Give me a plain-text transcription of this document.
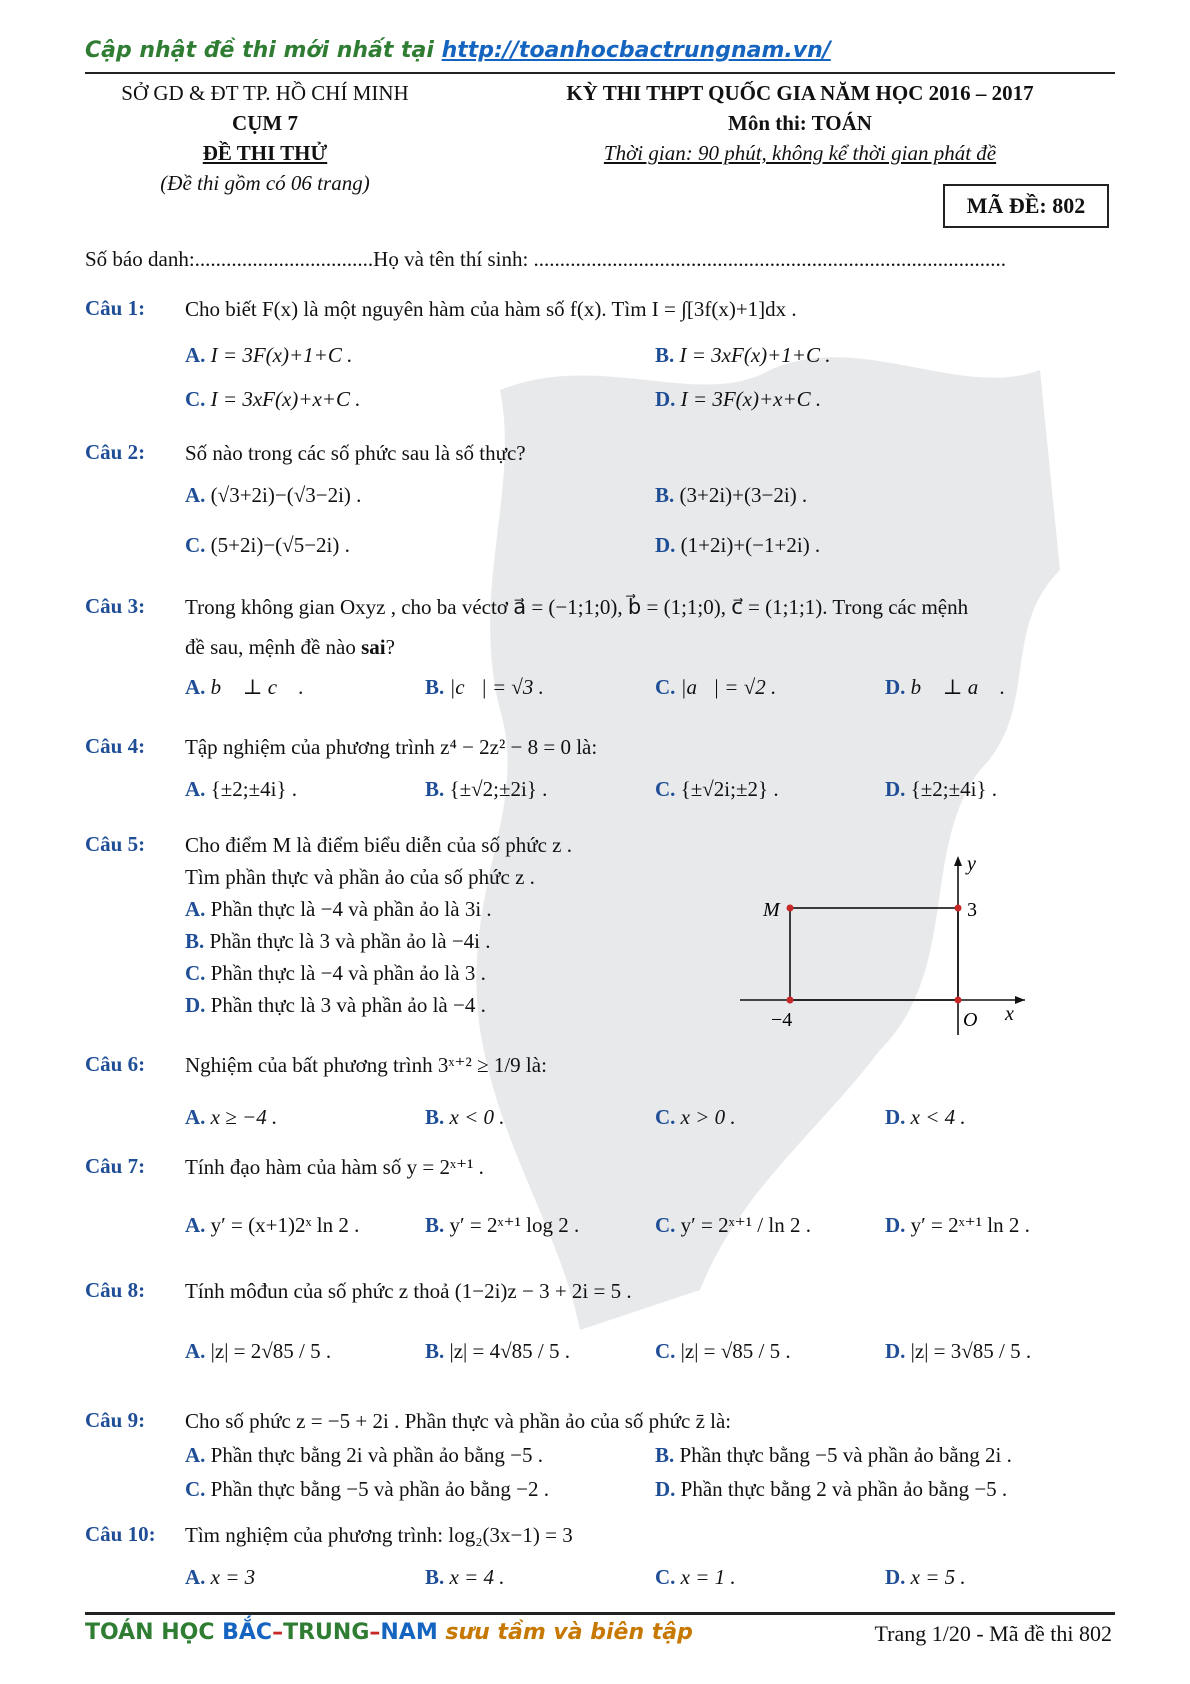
Cập nhật đề thi mới nhất tại http://toanhocbactrungnam.vn/
SỞ GD & ĐT TP. HỒ CHÍ MINH
CỤM 7
ĐỀ THI THỬ
(Đề thi gồm có 06 trang)
KỲ THI THPT QUỐC GIA NĂM HỌC 2016 – 2017
Môn thi: TOÁN
Thời gian: 90 phút, không kể thời gian phát đề
MÃ ĐỀ: 802
Số báo danh:..................................Họ và tên thí sinh: ..........................................................................................
Câu 1: Cho biết F(x) là một nguyên hàm của hàm số f(x). Tìm I = ∫[3f(x)+1]dx .
A. I = 3F(x)+1+C .	B. I = 3xF(x)+1+C .
C. I = 3xF(x)+x+C .	D. I = 3F(x)+x+C .
Câu 2: Số nào trong các số phức sau là số thực?
A. (√3+2i)−(√3−2i) .	B. (3+2i)+(3−2i) .
C. (5+2i)−(√5−2i) .	D. (1+2i)+(−1+2i) .
Câu 3: Trong không gian Oxyz , cho ba véctơ a⃗ = (−1;1;0), b⃗ = (1;1;0), c⃗ = (1;1;1). Trong các mệnh
đề sau, mệnh đề nào sai?
A. b⃗ ⊥ c⃗ .	B. |c⃗| = √3 .	C. |a⃗| = √2 .	D. b⃗ ⊥ a⃗ .
Câu 4: Tập nghiệm của phương trình z⁴ − 2z² − 8 = 0 là:
A. {±2;±4i} .	B. {±√2;±2i} .	C. {±√2i;±2} .	D. {±2;±4i} .
Câu 5: Cho điểm M là điểm biểu diễn của số phức z .
Tìm phần thực và phần ảo của số phức z .
A. Phần thực là −4 và phần ảo là 3i .
B. Phần thực là 3 và phần ảo là −4i .
C. Phần thực là −4 và phần ảo là 3 .
D. Phần thực là 3 và phần ảo là −4 .
M	3
−4	O x
y
Câu 6: Nghiệm của bất phương trình 3ˣ⁺² ≥ 1/9 là:
A. x ≥ −4 .	B. x < 0 .	C. x > 0 .	D. x < 4 .
Câu 7: Tính đạo hàm của hàm số y = 2ˣ⁺¹ .
A. y′ = (x+1)2ˣ ln 2 .	B. y′ = 2ˣ⁺¹ log 2 .	C. y′ = 2ˣ⁺¹ / ln 2 .	D. y′ = 2ˣ⁺¹ ln 2 .
Câu 8: Tính môđun của số phức z thoả (1−2i)z − 3 + 2i = 5 .
A. |z| = 2√85 / 5 .	B. |z| = 4√85 / 5 .	C. |z| = √85 / 5 .	D. |z| = 3√85 / 5 .
Câu 9: Cho số phức z = −5 + 2i . Phần thực và phần ảo của số phức z̄ là:
A. Phần thực bằng 2i và phần ảo bằng −5 .	B. Phần thực bằng −5 và phần ảo bằng 2i .
C. Phần thực bằng −5 và phần ảo bằng −2 .	D. Phần thực bằng 2 và phần ảo bằng −5 .
Câu 10: Tìm nghiệm của phương trình: log₂(3x−1) = 3
A. x = 3	B. x = 4 .	C. x = 1 .	D. x = 5 .
TOÁN HỌC BẮC–TRUNG–NAM sưu tầm và biên tập	Trang 1/20 - Mã đề thi 802
